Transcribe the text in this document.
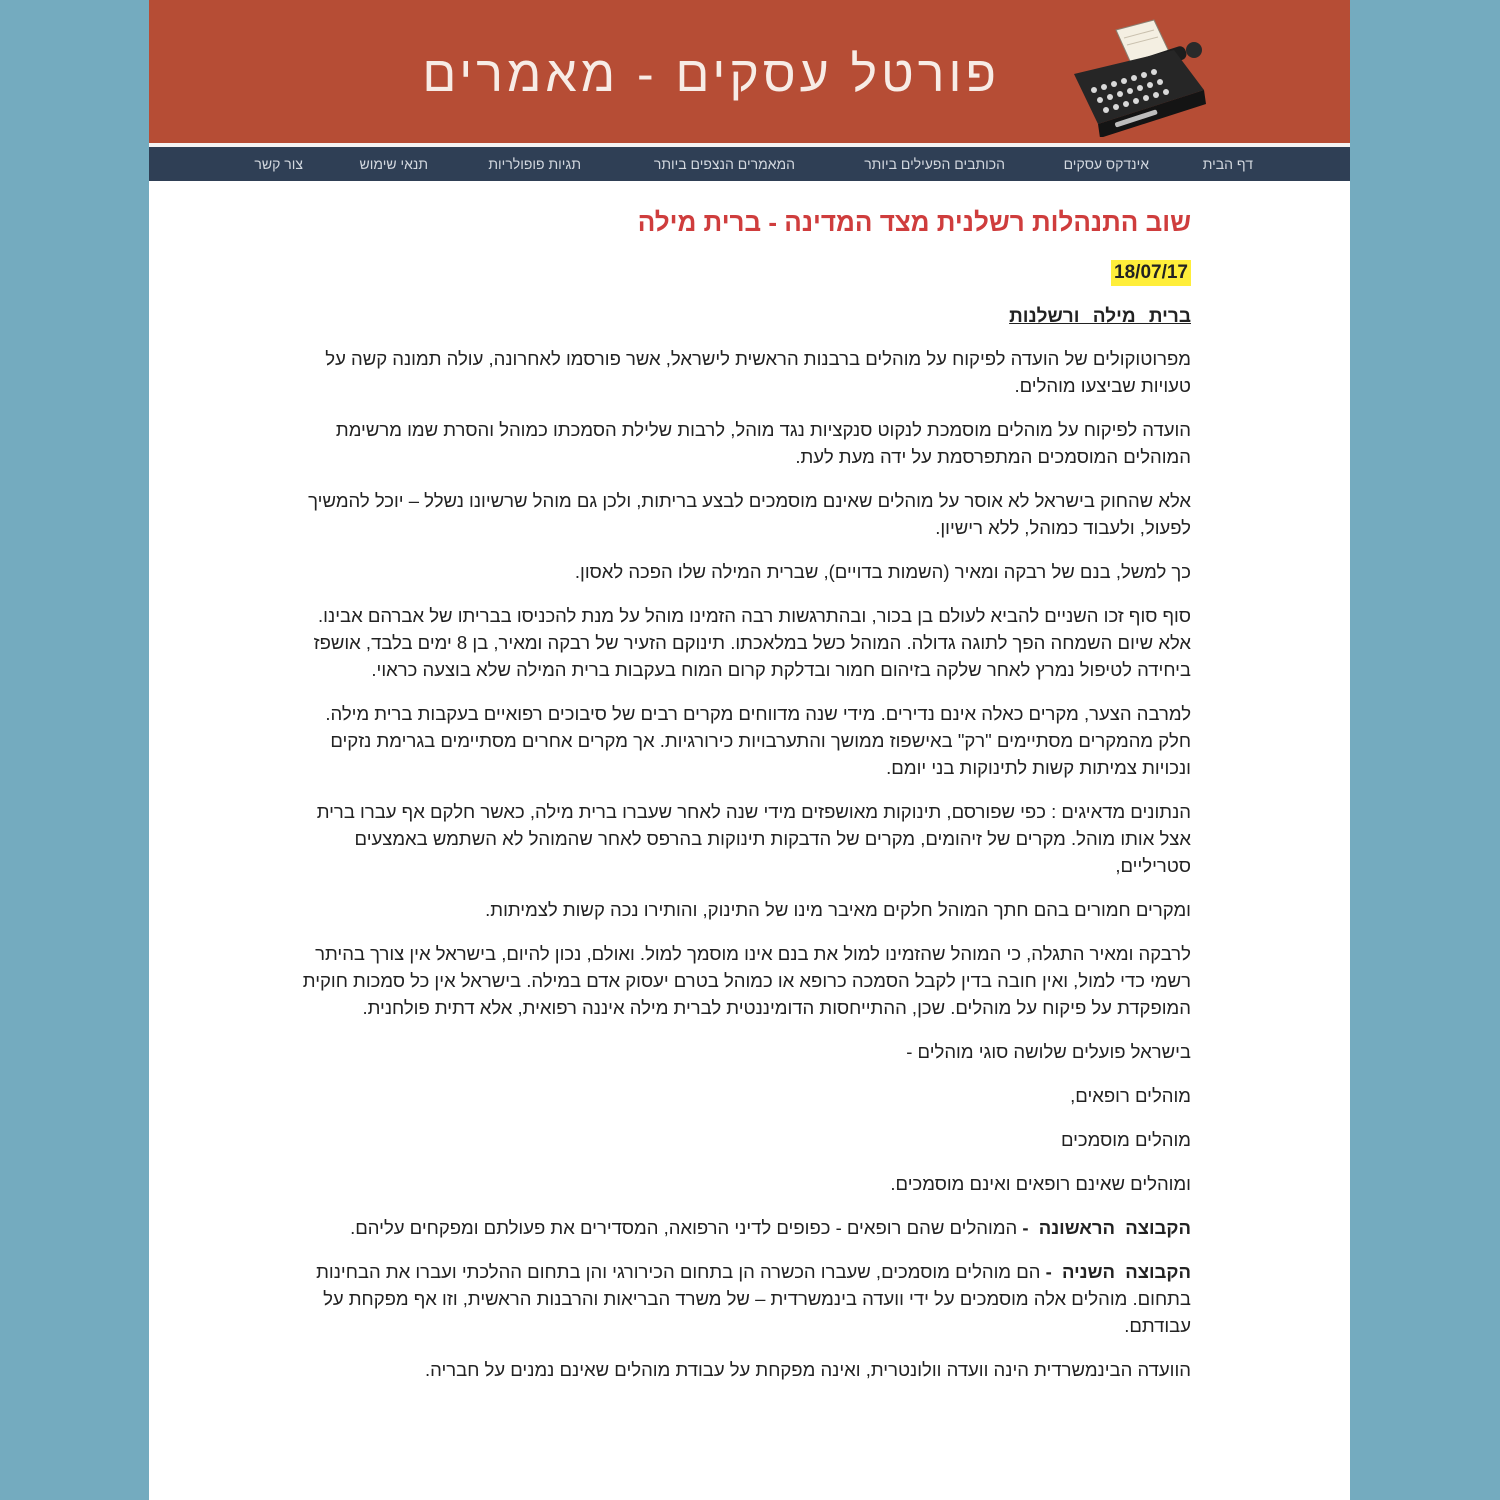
פורטל עסקים - מאמרים
דף הבית
אינדקס עסקים
הכותבים הפעילים ביותר
המאמרים הנצפים ביותר
תגיות פופולריות
תנאי שימוש
צור קשר
שוב התנהלות רשלנית מצד המדינה - ברית מילה
18/07/17
ברית מילה ורשלנות

מפרוטוקולים של הועדה לפיקוח על מוהלים ברבנות הראשית לישראל, אשר פורסמו לאחרונה, עולה תמונה קשה על טעויות שביצעו מוהלים.

הועדה לפיקוח על מוהלים מוסמכת לנקוט סנקציות נגד מוהל, לרבות שלילת הסמכתו כמוהל והסרת שמו מרשימת המוהלים המוסמכים המתפרסמת על ידה מעת לעת.

אלא שהחוק בישראל לא אוסר על מוהלים שאינם מוסמכים לבצע בריתות, ולכן גם מוהל שרשיונו נשלל – יוכל להמשיך לפעול, ולעבוד כמוהל, ללא רישיון.

כך למשל, בנם של רבקה ומאיר (השמות בדויים), שברית המילה שלו הפכה לאסון.

סוף סוף זכו השניים להביא לעולם בן בכור, ובהתרגשות רבה הזמינו מוהל על מנת להכניסו בבריתו של אברהם אבינו. אלא שיום השמחה הפך לתוגה גדולה. המוהל כשל במלאכתו. תינוקם הזעיר של רבקה ומאיר, בן 8 ימים בלבד, אושפז ביחידה לטיפול נמרץ לאחר שלקה בזיהום חמור ובדלקת קרום המוח בעקבות ברית המילה שלא בוצעה כראוי.

למרבה הצער, מקרים כאלה אינם נדירים. מידי שנה מדווחים מקרים רבים של סיבוכים רפואיים בעקבות ברית מילה. חלק מהמקרים מסתיימים "רק" באישפוז ממושך והתערבויות כירורגיות. אך מקרים אחרים מסתיימים בגרימת נזקים ונכויות צמיתות קשות לתינוקות בני יומם.

הנתונים מדאיגים : כפי שפורסם, תינוקות מאושפזים מידי שנה לאחר שעברו ברית מילה, כאשר חלקם אף עברו ברית אצל אותו מוהל. מקרים של זיהומים, מקרים של הדבקות תינוקות בהרפס לאחר שהמוהל לא השתמש באמצעים סטריליים,

ומקרים חמורים בהם חתך המוהל חלקים מאיבר מינו של התינוק, והותירו נכה קשות לצמיתות.

לרבקה ומאיר התגלה, כי המוהל שהזמינו למול את בנם אינו מוסמך למול. ואולם, נכון להיום, בישראל אין צורך בהיתר רשמי כדי למול, ואין חובה בדין לקבל הסמכה כרופא או כמוהל בטרם יעסוק אדם במילה. בישראל אין כל סמכות חוקית המופקדת על פיקוח על מוהלים. שכן, ההתייחסות הדומיננטית לברית מילה איננה רפואית, אלא דתית פולחנית.

בישראל פועלים שלושה סוגי מוהלים -

מוהלים רופאים,

מוהלים מוסמכים

ומוהלים שאינם רופאים ואינם מוסמכים.

הקבוצה הראשונה - המוהלים שהם רופאים - כפופים לדיני הרפואה, המסדירים את פעולתם ומפקחים עליהם.

הקבוצה השניה - הם מוהלים מוסמכים, שעברו הכשרה הן בתחום הכירורגי והן בתחום ההלכתי ועברו את הבחינות בתחום. מוהלים אלה מוסמכים על ידי וועדה בינמשרדית – של משרד הבריאות והרבנות הראשית, וזו אף מפקחת על עבודתם.

הוועדה הבינמשרדית הינה וועדה וולונטרית, ואינה מפקחת על עבודת מוהלים שאינם נמנים על חבריה.
